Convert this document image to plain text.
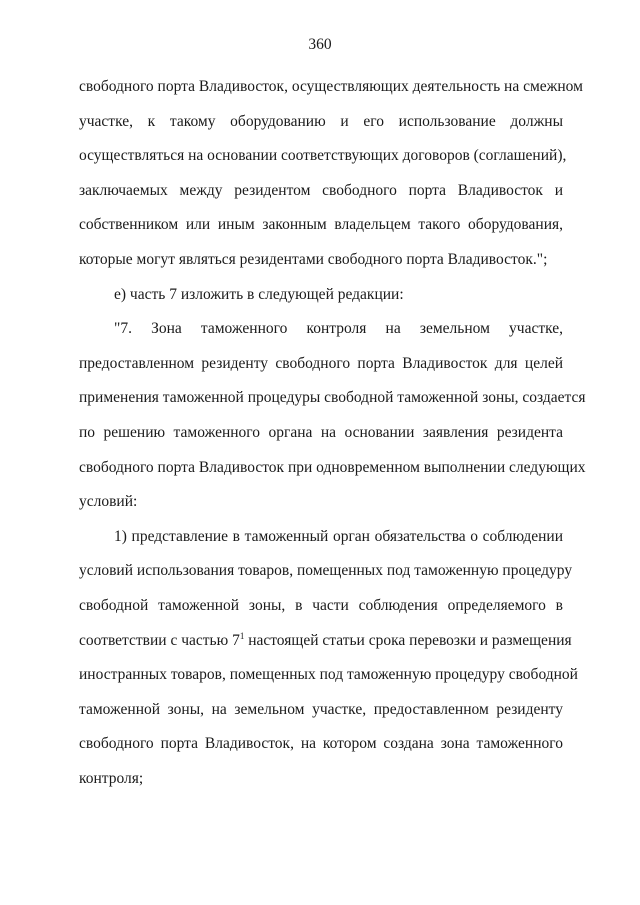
360
свободного порта Владивосток, осуществляющих деятельность на смежном
участке, к такому оборудованию и его использование должны
осуществляться на основании соответствующих договоров (соглашений),
заключаемых между резидентом свободного порта Владивосток и
собственником или иным законным владельцем такого оборудования,
которые могут являться резидентами свободного порта Владивосток.";
е) часть 7 изложить в следующей редакции:
"7. Зона таможенного контроля на земельном участке,
предоставленном резиденту свободного порта Владивосток для целей
применения таможенной процедуры свободной таможенной зоны, создается
по решению таможенного органа на основании заявления резидента
свободного порта Владивосток при одновременном выполнении следующих
условий:
1) представление в таможенный орган обязательства о соблюдении
условий использования товаров, помещенных под таможенную процедуру
свободной таможенной зоны, в части соблюдения определяемого в
соответствии с частью $7^1$ настоящей статьи срока перевозки и размещения
иностранных товаров, помещенных под таможенную процедуру свободной
таможенной зоны, на земельном участке, предоставленном резиденту
свободного порта Владивосток, на котором создана зона таможенного
контроля;
